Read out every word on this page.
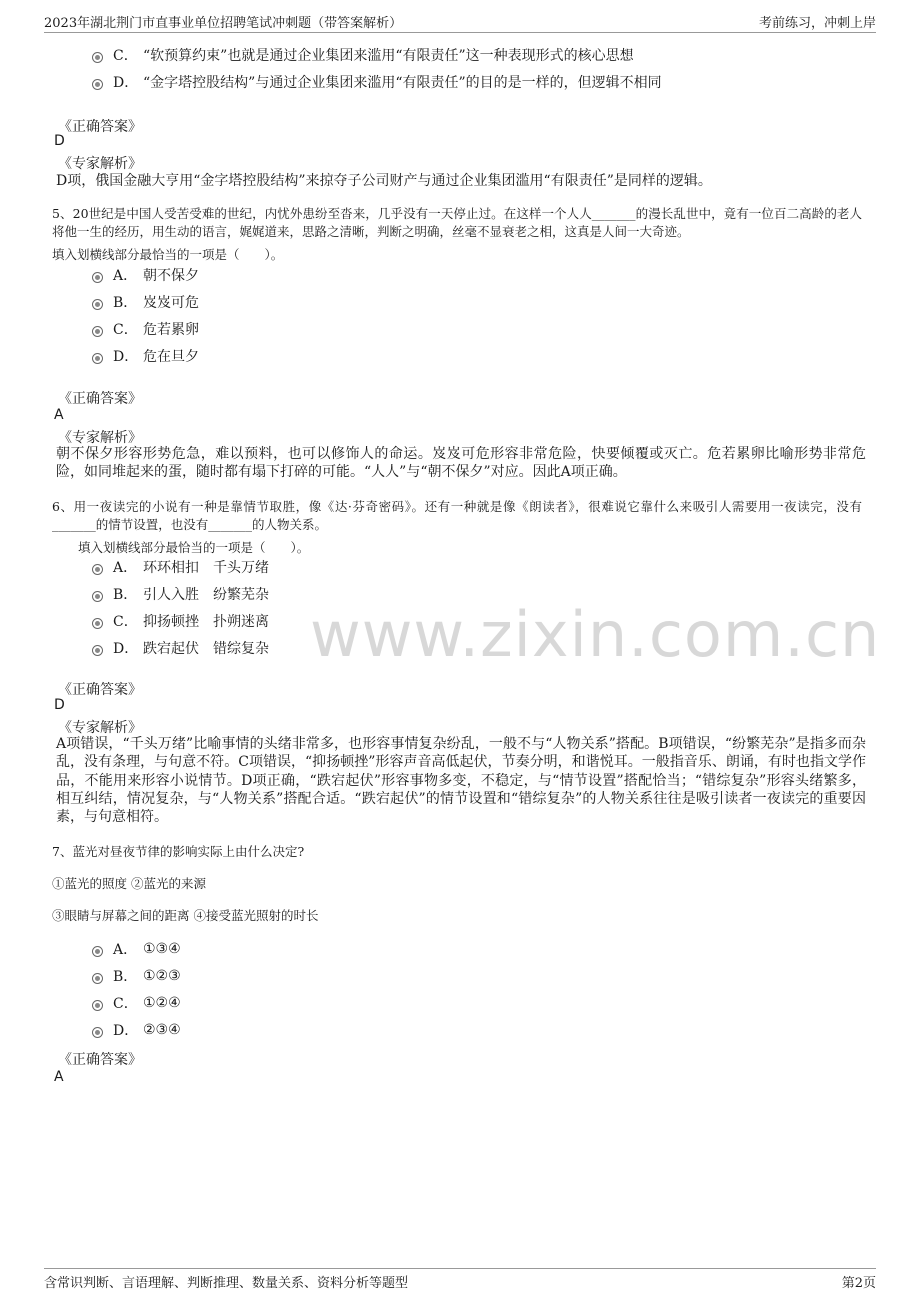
2023年湖北荆门市直事业单位招聘笔试冲刺题（带答案解析）	考前练习，冲刺上岸
www.zixin.com.cn
C． “软预算约束”也就是通过企业集团来滥用“有限责任”这一种表现形式的核心思想
D． “金字塔控股结构”与通过企业集团来滥用“有限责任”的目的是一样的，但逻辑不相同
《正确答案》
D
《专家解析》
D项，俄国金融大亨用“金字塔控股结构”来掠夺子公司财产与通过企业集团滥用“有限责任”是同样的逻辑。
5、20世纪是中国人受苦受难的世纪，内忧外患纷至沓来，几乎没有一天停止过。在这样一个人人_______的漫长乱世中，竟有一位百二高龄的老人将他一生的经历，用生动的语言，娓娓道来，思路之清晰，判断之明确，丝毫不显衰老之相，这真是人间一大奇迹。
填入划横线部分最恰当的一项是（　　）。
A． 朝不保夕
B． 岌岌可危
C． 危若累卵
D． 危在旦夕
《正确答案》
A
《专家解析》
朝不保夕形容形势危急，难以预料，也可以修饰人的命运。岌岌可危形容非常危险，快要倾覆或灭亡。危若累卵比喻形势非常危险，如同堆起来的蛋，随时都有塌下打碎的可能。“人人”与“朝不保夕”对应。因此A项正确。
6、用一夜读完的小说有一种是靠情节取胜，像《达·芬奇密码》。还有一种就是像《朗读者》，很难说它靠什么来吸引人需要用一夜读完，没有_______的情节设置，也没有_______的人物关系。
填入划横线部分最恰当的一项是（　　）。
A． 环环相扣　千头万绪
B． 引人入胜　纷繁芜杂
C． 抑扬顿挫　扑朔迷离
D． 跌宕起伏　错综复杂
《正确答案》
D
《专家解析》
A项错误，“千头万绪”比喻事情的头绪非常多，也形容事情复杂纷乱，一般不与“人物关系”搭配。B项错误，“纷繁芜杂”是指多而杂乱，没有条理，与句意不符。C项错误，“抑扬顿挫”形容声音高低起伏，节奏分明，和谐悦耳。一般指音乐、朗诵，有时也指文学作品，不能用来形容小说情节。D项正确，“跌宕起伏”形容事物多变，不稳定，与“情节设置”搭配恰当；“错综复杂”形容头绪繁多，相互纠结，情况复杂，与“人物关系”搭配合适。“跌宕起伏”的情节设置和“错综复杂”的人物关系往往是吸引读者一夜读完的重要因素，与句意相符。
7、蓝光对昼夜节律的影响实际上由什么决定?
①蓝光的照度 ②蓝光的来源
③眼睛与屏幕之间的距离 ④接受蓝光照射的时长
A． ①③④
B． ①②③
C． ①②④
D． ②③④
《正确答案》
A
含常识判断、言语理解、判断推理、数量关系、资料分析等题型	第2页
